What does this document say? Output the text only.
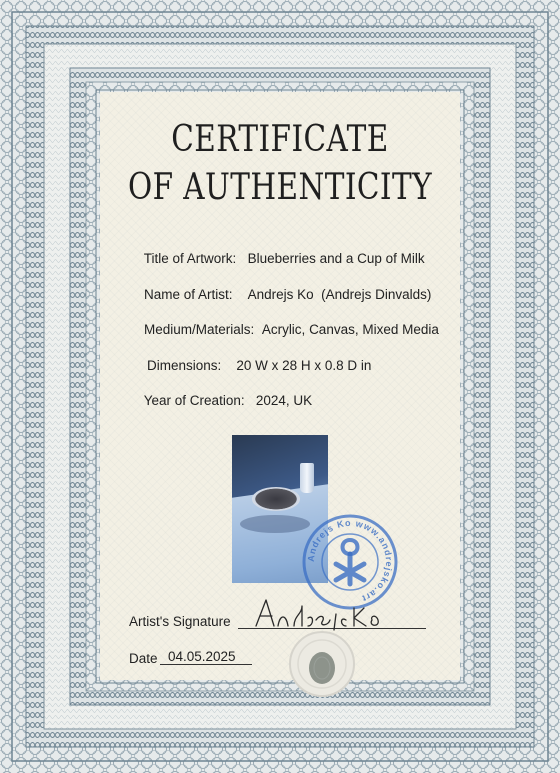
CERTIFICATE
OF AUTHENTICITY

Title of Artwork: Blueberries and a Cup of Milk

Name of Artist: Andrejs Ko  (Andrejs Dinvalds)

Medium/Materials: Acrylic, Canvas, Mixed Media

Dimensions: 20 W x 28 H x 0.8 D in

Year of Creation: 2024, UK

Andrejs Ko www.andrejsko.art
Artist's Signature
Date 04.05.2025
